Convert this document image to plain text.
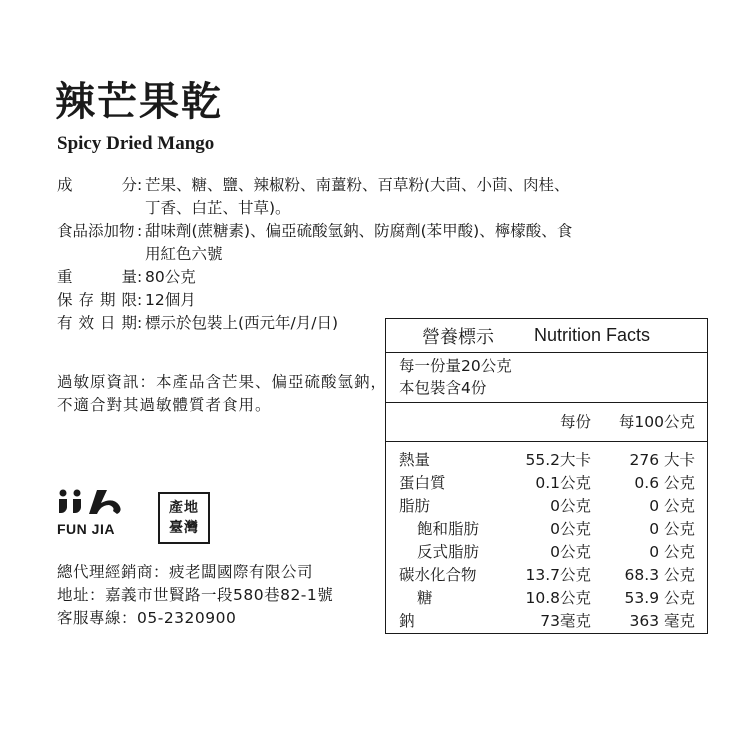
辣芒果乾
Spicy Dried Mango
成	分 : 芒果、糖、鹽、辣椒粉、南薑粉、百草粉(大茴、小茴、肉桂、
丁香、白芷、甘草)。
食品添加物 : 甜味劑(蔗糖素)、偏亞硫酸氫鈉、防腐劑(苯甲酸)、檸檬酸、食
用紅色六號
重	量 : 80公克
保 存 期 限 : 12個月
有 效 日 期 : 標示於包裝上(西元年/月/日)
過敏原資訊：本產品含芒果、偏亞硫酸氫鈉，不適合對其過敏體質者食用。
FUN JIA
產地
臺灣
總代理經銷商：疲老闆國際有限公司
地址：嘉義市世賢路一段580巷82-1號
客服專線：05-2320900
營養標示 Nutrition Facts
每一份量20公克
本包裝含4份
每份 每100公克
熱量	55.2大卡 276 大卡
蛋白質	0.1公克	0.6 公克
脂肪	0公克	0 公克
飽和脂肪	0公克	0 公克
反式脂肪	0公克	0 公克
碳水化合物	13.7公克 68.3 公克
糖	10.8公克 53.9 公克
鈉	73毫克 363 毫克
